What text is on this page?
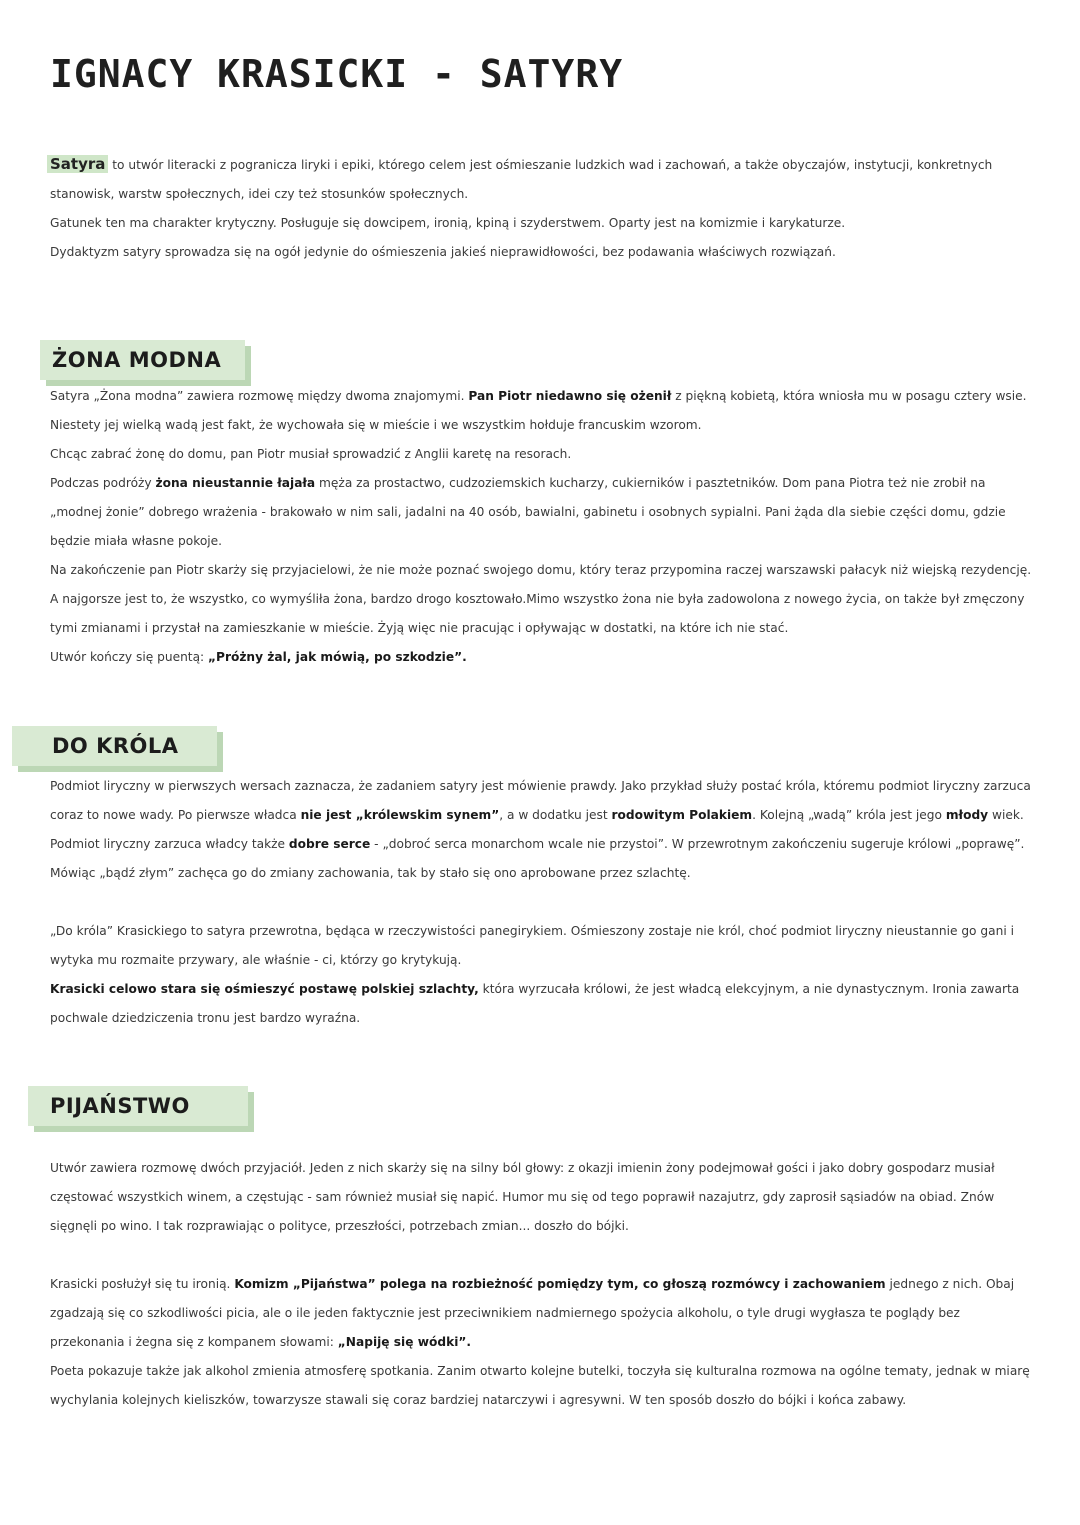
IGNACY KRASICKI - SATYRY

Satyra to utwór literacki z pogranicza liryki i epiki, którego celem jest ośmieszanie ludzkich wad i zachowań, a także obyczajów, instytucji, konkretnych stanowisk, warstw społecznych, idei czy też stosunków społecznych.

Gatunek ten ma charakter krytyczny. Posługuje się dowcipem, ironią, kpiną i szyderstwem. Oparty jest na komizmie i karykaturze.

Dydaktyzm satyry sprowadza się na ogół jedynie do ośmieszenia jakieś nieprawidłowości, bez podawania właściwych rozwiązań.

ŻONA MODNA

Satyra „Żona modna” zawiera rozmowę między dwoma znajomymi. Pan Piotr niedawno się ożenił z piękną kobietą, która wniosła mu w posagu cztery wsie. Niestety jej wielką wadą jest fakt, że wychowała się w mieście i we wszystkim hołduje francuskim wzorom.

Chcąc zabrać żonę do domu, pan Piotr musiał sprowadzić z Anglii karetę na resorach.

Podczas podróży żona nieustannie łajała męża za prostactwo, cudzoziemskich kucharzy, cukierników i pasztetników. Dom pana Piotra też nie zrobił na „modnej żonie” dobrego wrażenia - brakowało w nim sali, jadalni na 40 osób, bawialni, gabinetu i osobnych sypialni. Pani żąda dla siebie części domu, gdzie będzie miała własne pokoje.

Na zakończenie pan Piotr skarży się przyjacielowi, że nie może poznać swojego domu, który teraz przypomina raczej warszawski pałacyk niż wiejską rezydencję. A najgorsze jest to, że wszystko, co wymyśliła żona, bardzo drogo kosztowało.Mimo wszystko żona nie była zadowolona z nowego życia, on także był zmęczony tymi zmianami i przystał na zamieszkanie w mieście. Żyją więc nie pracując i opływając w dostatki, na które ich nie stać.

Utwór kończy się puentą: „Próżny żal, jak mówią, po szkodzie”.

DO KRÓLA

Podmiot liryczny w pierwszych wersach zaznacza, że zadaniem satyry jest mówienie prawdy. Jako przykład służy postać króla, któremu podmiot liryczny zarzuca coraz to nowe wady. Po pierwsze władca nie jest „królewskim synem”, a w dodatku jest rodowitym Polakiem. Kolejną „wadą” króla jest jego młody wiek. Podmiot liryczny zarzuca władcy także dobre serce - „dobroć serca monarchom wcale nie przystoi”. W przewrotnym zakończeniu sugeruje królowi „poprawę”. Mówiąc „bądź złym” zachęca go do zmiany zachowania, tak by stało się ono aprobowane przez szlachtę.

„Do króla” Krasickiego to satyra przewrotna, będąca w rzeczywistości panegirykiem. Ośmieszony zostaje nie król, choć podmiot liryczny nieustannie go gani i wytyka mu rozmaite przywary, ale właśnie - ci, którzy go krytykują.

Krasicki celowo stara się ośmieszyć postawę polskiej szlachty, która wyrzucała królowi, że jest władcą elekcyjnym, a nie dynastycznym. Ironia zawarta pochwale dziedziczenia tronu jest bardzo wyraźna.

PIJAŃSTWO

Utwór zawiera rozmowę dwóch przyjaciół. Jeden z nich skarży się na silny ból głowy: z okazji imienin żony podejmował gości i jako dobry gospodarz musiał częstować wszystkich winem, a częstując - sam również musiał się napić. Humor mu się od tego poprawił nazajutrz, gdy zaprosił sąsiadów na obiad. Znów sięgnęli po wino. I tak rozprawiając o polityce, przeszłości, potrzebach zmian... doszło do bójki.

Krasicki posłużył się tu ironią. Komizm „Pijaństwa” polega na rozbieżność pomiędzy tym, co głoszą rozmówcy i zachowaniem jednego z nich. Obaj zgadzają się co szkodliwości picia, ale o ile jeden faktycznie jest przeciwnikiem nadmiernego spożycia alkoholu, o tyle drugi wygłasza te poglądy bez przekonania i żegna się z kompanem słowami: „Napiję się wódki”.

Poeta pokazuje także jak alkohol zmienia atmosferę spotkania. Zanim otwarto kolejne butelki, toczyła się kulturalna rozmowa na ogólne tematy, jednak w miarę wychylania kolejnych kieliszków, towarzysze stawali się coraz bardziej natarczywi i agresywni. W ten sposób doszło do bójki i końca zabawy.
